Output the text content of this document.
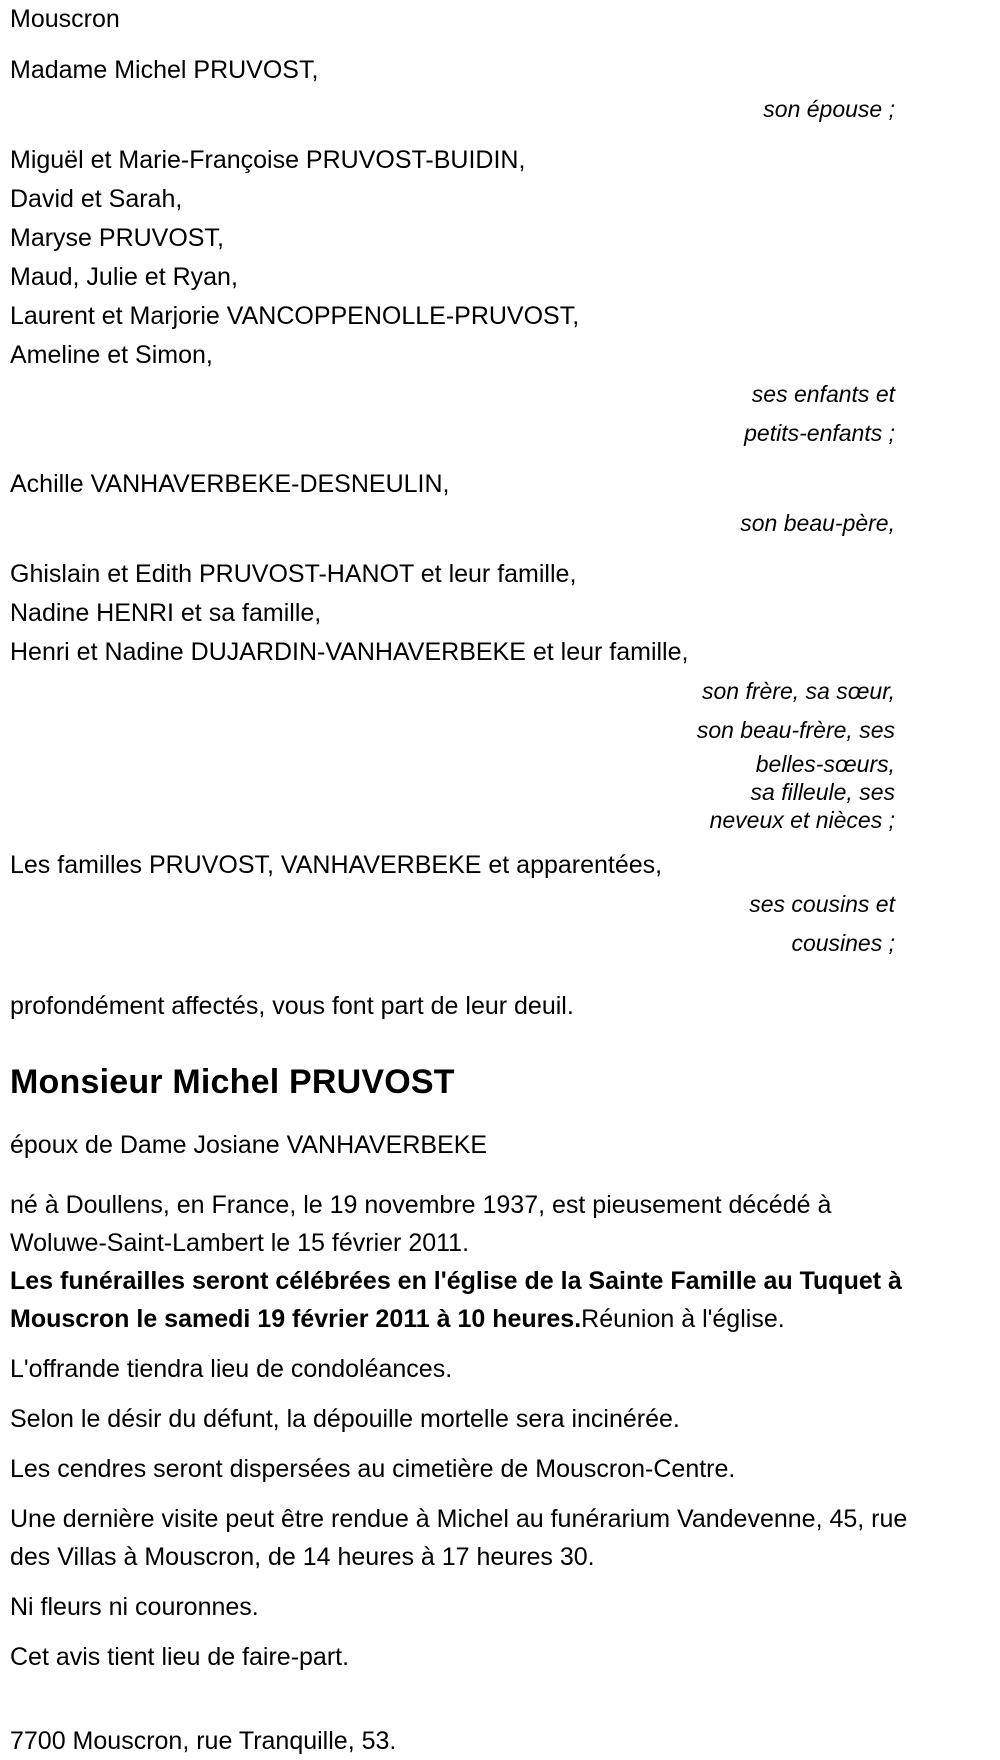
Mouscron
Madame Michel PRUVOST,
son épouse ;
Miguël et Marie-Françoise PRUVOST-BUIDIN,
David et Sarah,
Maryse PRUVOST,
Maud, Julie et Ryan,
Laurent et Marjorie VANCOPPENOLLE-PRUVOST,
Ameline et Simon,
ses enfants et
petits-enfants ;
Achille VANHAVERBEKE-DESNEULIN,
son beau-père,
Ghislain et Edith PRUVOST-HANOT et leur famille,
Nadine HENRI et sa famille,
Henri et Nadine DUJARDIN-VANHAVERBEKE et leur famille,
son frère, sa sœur,
son beau-frère, ses
belles-sœurs,
sa filleule, ses
neveux et nièces ;
Les familles PRUVOST, VANHAVERBEKE et apparentées,
ses cousins et
cousines ;
profondément affectés, vous font part de leur deuil.
Monsieur Michel PRUVOST
époux de Dame Josiane VANHAVERBEKE
né à Doullens, en France, le 19 novembre 1937, est pieusement décédé à Woluwe-Saint-Lambert le 15 février 2011.
Les funérailles seront célébrées en l'église de la Sainte Famille au Tuquet à Mouscron le samedi 19 février 2011 à 10 heures.Réunion à l'église.
L'offrande tiendra lieu de condoléances.
Selon le désir du défunt, la dépouille mortelle sera incinérée.
Les cendres seront dispersées au cimetière de Mouscron-Centre.
Une dernière visite peut être rendue à Michel au funérarium Vandevenne, 45, rue des Villas à Mouscron, de 14 heures à 17 heures 30.
Ni fleurs ni couronnes.
Cet avis tient lieu de faire-part.
7700 Mouscron, rue Tranquille, 53.
